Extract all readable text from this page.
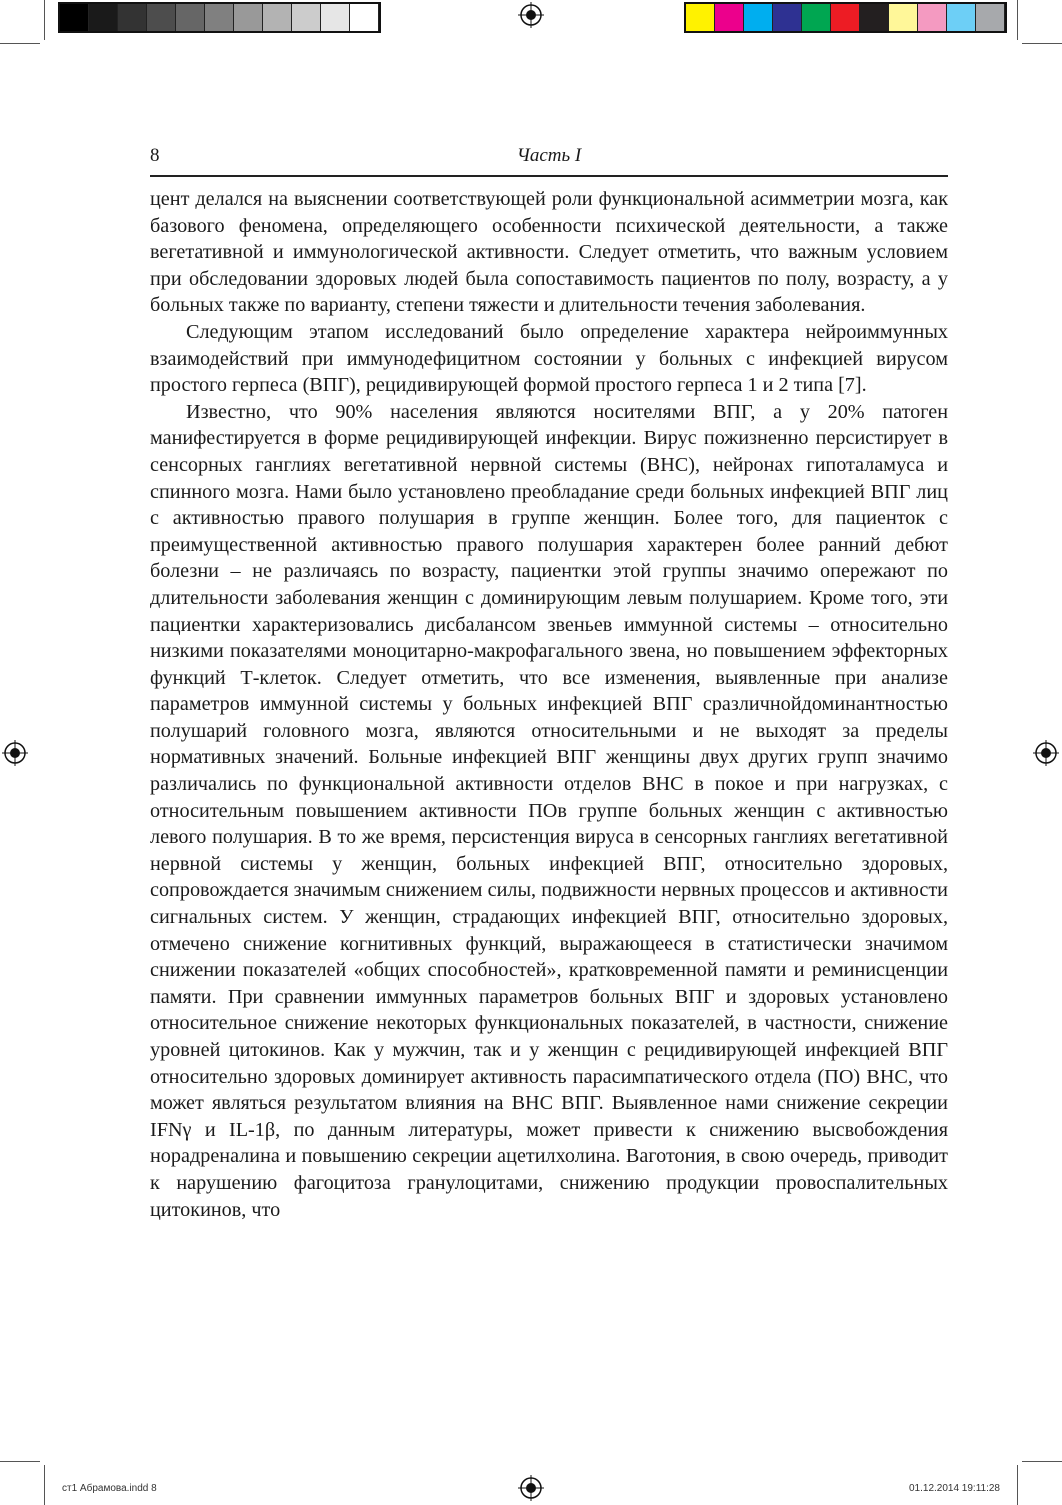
8	Часть I

цент делался на выяснении соответствующей роли функциональной асимметрии мозга, как базового феномена, определяющего особенности психической деятельности, а также вегетативной и иммунологической активности. Следует отметить, что важным условием при обследовании здоровых людей была сопоставимость пациентов по полу, возрасту, а у больных также по варианту, степени тяжести и длительности течения заболевания.

Следующим этапом исследований было определение характера нейроиммунных взаимодействий при иммунодефицитном состоянии у больных с инфекцией вирусом простого герпеса (ВПГ), рецидивирующей формой простого герпеса 1 и 2 типа [7].

Известно, что 90% населения являются носителями ВПГ, а у 20% патоген манифестируется в форме рецидивирующей инфекции. Вирус пожизненно персистирует в сенсорных ганглиях вегетативной нервной системы (ВНС), нейронах гипоталамуса и спинного мозга. Нами было установлено преобладание среди больных инфекцией ВПГ лиц с активностью правого полушария в группе женщин. Более того, для пациенток с преимущественной активностью правого полушария характерен более ранний дебют болезни – не различаясь по возрасту, пациентки этой группы значимо опережают по длительности заболевания женщин с доминирующим левым полушарием. Кроме того, эти пациентки характеризовались дисбалансом звеньев иммунной системы – относительно низкими показателями моноцитарно-макрофагального звена, но повышением эффекторных функций Т-клеток. Следует отметить, что все изменения, выявленные при анализе параметров иммунной системы у больных инфекцией ВПГ сразличнойдоминантностью полушарий головного мозга, являются относительными и не выходят за пределы нормативных значений. Больные инфекцией ВПГ женщины двух других групп значимо различались по функциональной активности отделов ВНС в покое и при нагрузках, с относительным повышением активности ПОв группе больных женщин с активностью левого полушария. В то же время, персистенция вируса в сенсорных ганглиях вегетативной нервной системы у женщин, больных инфекцией ВПГ, относительно здоровых, сопровождается значимым снижением силы, подвижности нервных процессов и активности сигнальных систем. У женщин, страдающих инфекцией ВПГ, относительно здоровых, отмечено снижение когнитивных функций, выражающееся в статистически значимом снижении показателей «общих способностей», кратковременной памяти и реминисценции памяти. При сравнении иммунных параметров больных ВПГ и здоровых установлено относительное снижение некоторых функциональных показателей, в частности, снижение уровней цитокинов. Как у мужчин, так и у женщин с рецидивирующей инфекцией ВПГ относительно здоровых доминирует активность парасимпатического отдела (ПО) ВНС, что может являться результатом влияния на ВНС ВПГ. Выявленное нами снижение секреции IFNγ и IL-1β, по данным литературы, может привести к снижению высвобождения норадреналина и повышению секреции ацетилхолина. Ваготония, в свою очередь, приводит к нарушению фагоцитоза гранулоцитами, снижению продукции провоспалительных цитокинов, что

ст1 Абрамова.indd 8	01.12.2014 19:11:28
